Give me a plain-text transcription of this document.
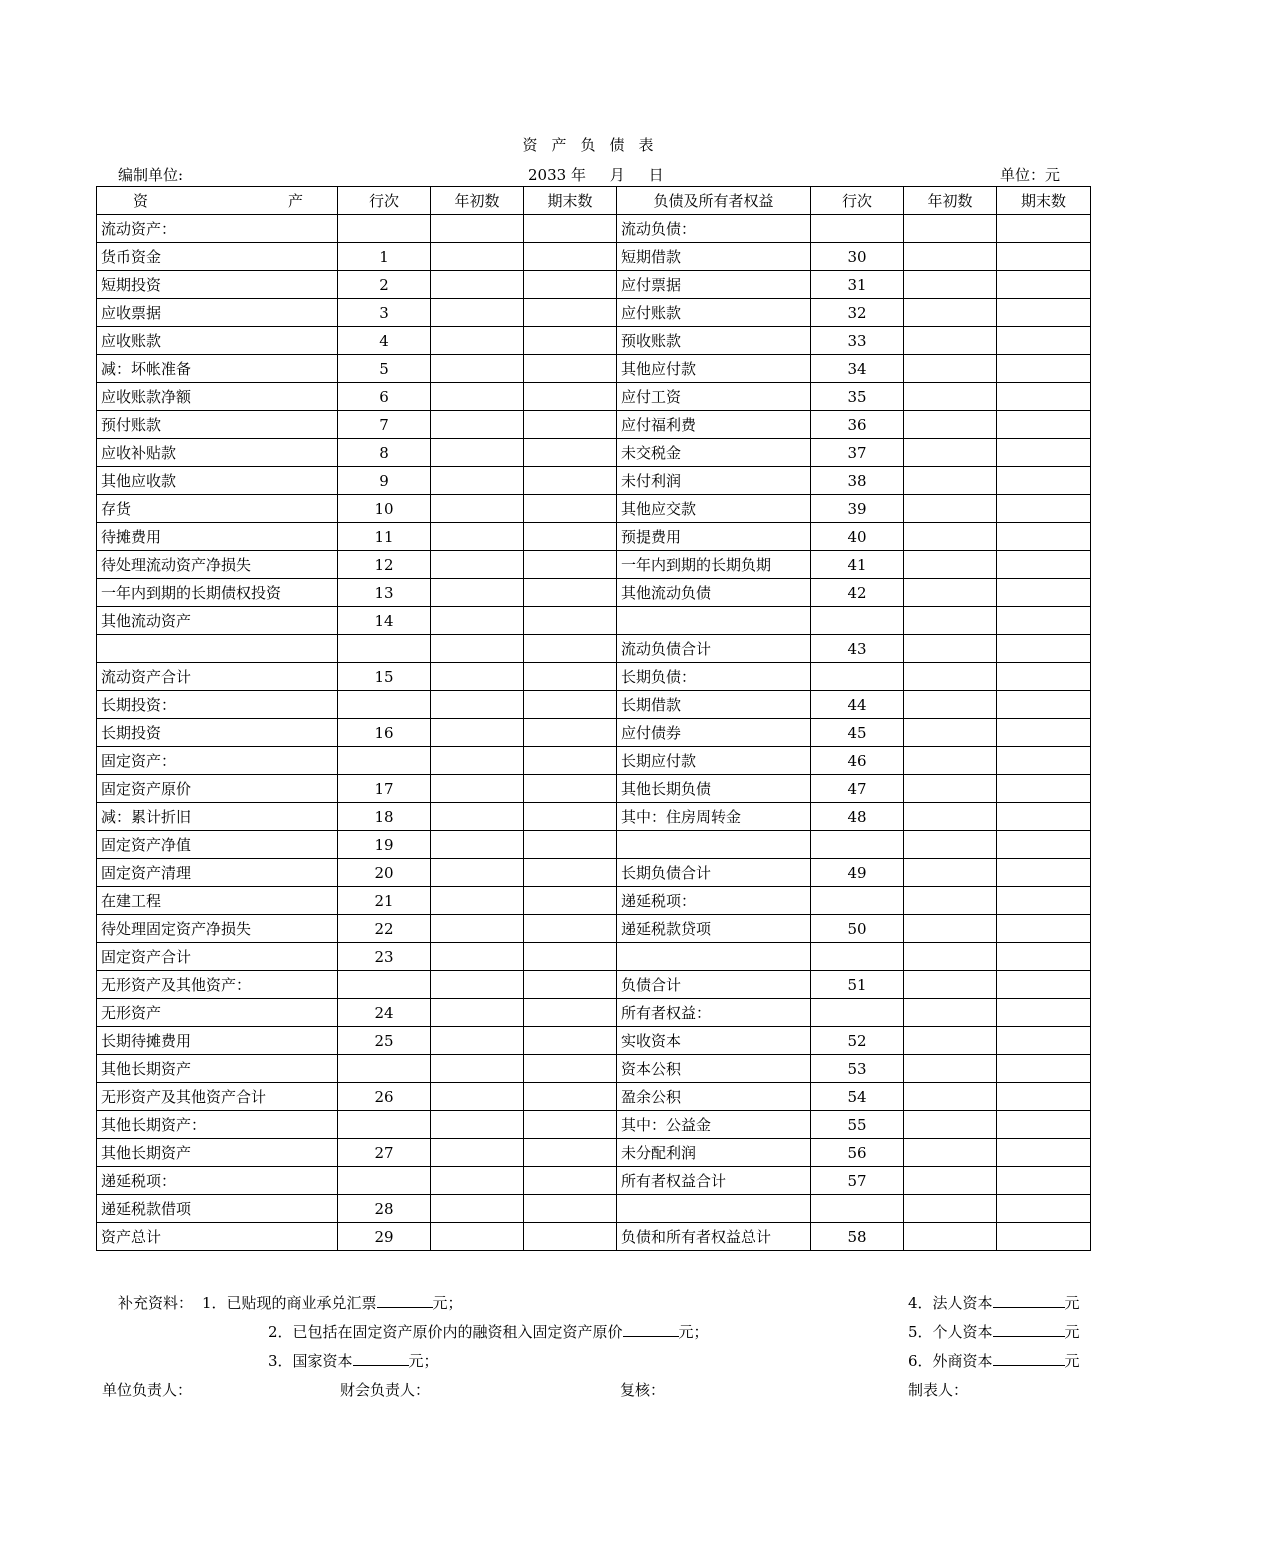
资产负债表
编制单位:	2033 年     月     日	单位：元
资 产	行次	年初数	期末数	负债及所有者权益	行次	年初数	期末数
流动资产：				流动负债：			
货币资金	1			短期借款	30		
短期投资	2			应付票据	31		
应收票据	3			应付账款	32		
应收账款	4			预收账款	33		
减：坏帐准备	5			其他应付款	34		
应收账款净额	6			应付工资	35		
预付账款	7			应付福利费	36		
应收补贴款	8			未交税金	37		
其他应收款	9			未付利润	38		
存货	10			其他应交款	39		
待摊费用	11			预提费用	40		
待处理流动资产净损失	12			一年内到期的长期负期	41		
一年内到期的长期债权投资	13			其他流动负债	42		
其他流动资产	14						
				流动负债合计	43		
流动资产合计	15			长期负债：			
长期投资：				长期借款	44		
长期投资	16			应付债券	45		
固定资产：				长期应付款	46		
固定资产原价	17			其他长期负债	47		
减：累计折旧	18			其中：住房周转金	48		
固定资产净值	19						
固定资产清理	20			长期负债合计	49		
在建工程	21			递延税项：			
待处理固定资产净损失	22			递延税款贷项	50		
固定资产合计	23						
无形资产及其他资产：				负债合计	51		
无形资产	24			所有者权益：			
长期待摊费用	25			实收资本	52		
其他长期资产				资本公积	53		
无形资产及其他资产合计	26			盈余公积	54		
其他长期资产：				其中：公益金	55		
其他长期资产	27			未分配利润	56		
递延税项：				所有者权益合计	57		
递延税款借项	28						
资产总计	29			负债和所有者权益总计	58		
补充资料： 1．已贴现的商业承兑汇票	元；
2．已包括在固定资产原价内的融资租入固定资产原价	元；
3．国家资本	元；
4．法人资本	元
5．个人资本	元
6．外商资本	元
单位负责人：	财会负责人：	复核：	制表人：
